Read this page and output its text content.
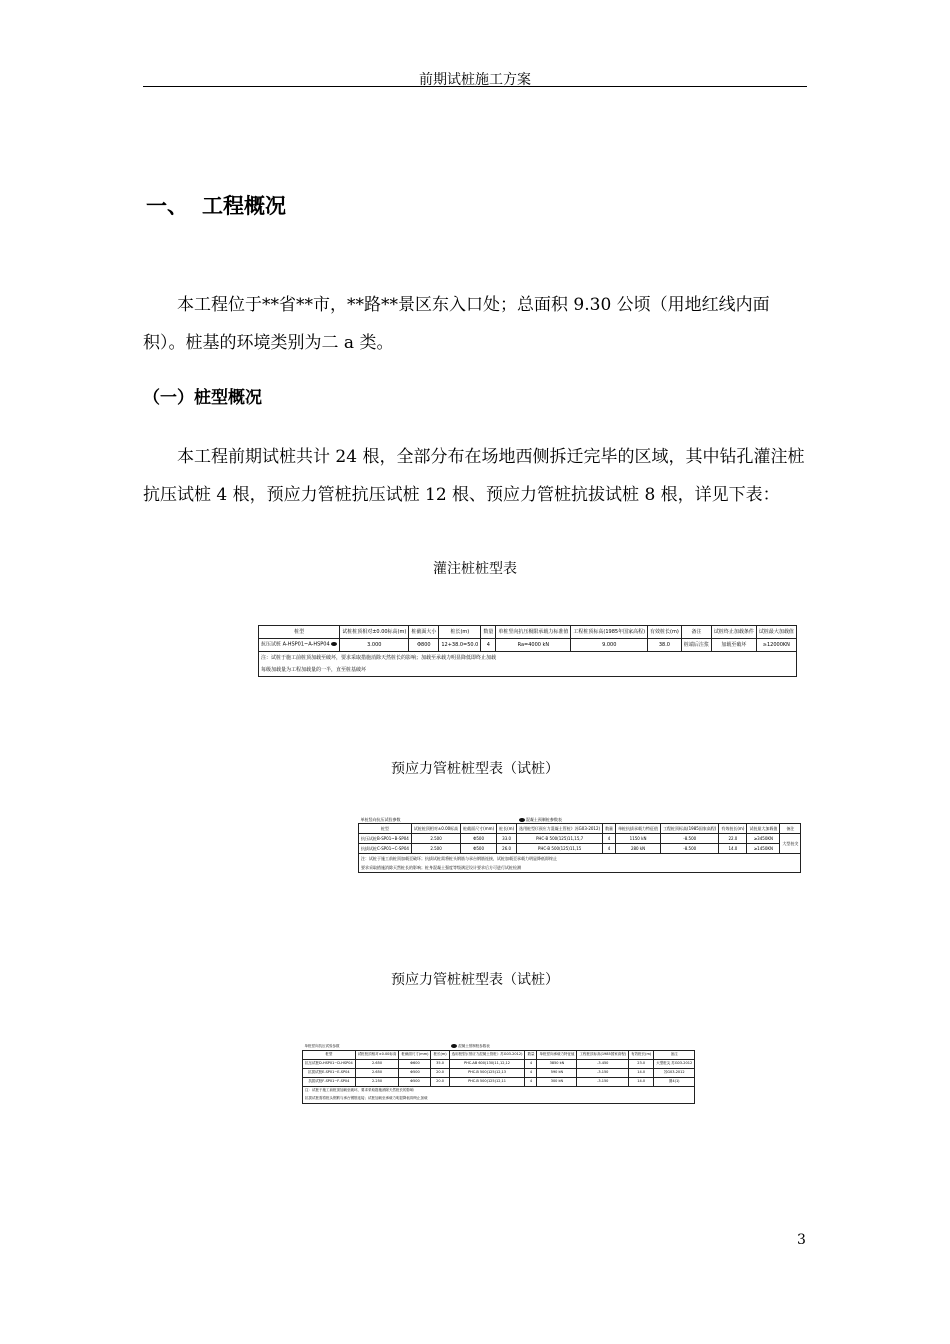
前期试桩施工方案
一、 工程概况
本工程位于**省**市，**路**景区东入口处；总面积 9.30 公顷（用地红线内面积）。桩基的环境类别为二 a 类。
（一）桩型概况
本工程前期试桩共计 24 根，全部分布在场地西侧拆迁完毕的区域，其中钻孔灌注桩抗压试桩 4 根，预应力管桩抗压试桩 12 根、预应力管桩抗拔试桩 8 根，详见下表：
灌注桩桩型表
桩型	试桩桩顶相对±0.00标高(m)	桩截面大小	桩长(m)	数量	单桩竖向抗压极限承载力标准值	工程桩顶标高(1985年国家高程)	有效桩长(m)	备注	试桩终止加载条件	试桩最大加载值
抗压试桩 A-HSP01~A-HSP04	3.000	Φ800	12+38.0=50.0	4	Ra=4000 kN	9.000	38.0	桩端后注浆	加载至破坏	≥12000KN
注：试桩于施工前桩顶加载至破坏，要求采取措施消除天然桩长的影响；加载至承载力明显降低即终止加载										
每级加载量为工程加载量的一半，直至桩基破坏										
预应力管桩桩型表（试桩）
单桩竖向抗压试验参数				混凝土预制桩参数表						
桩型	试桩桩顶相对±0.00标高	桩截面尺寸(mm)	桩长(m)	选用桩型(《预应力混凝土管桩》苏G03-2012)	数量	单桩抗拔承载力特征值	工程桩顶标高(1985国家高程)	有效桩长(m)	试桩最大加载值	备注
抗压试桩B-SP01~B-SP04	2.500	Φ500	33.0	PHC-B 500(125)11,15,7	4	1150 kN	-8.500	22.0	≥3450KN	大型桩尖
抗拔试桩C-SP01~C-SP04	2.500	Φ500	26.0	PHC-B 500(125)11,15	4	280 kN	-8.500	14.0	≥1450KN	
注：试桩于施工前桩顶加载至破坏；抗拔试桩需将桩头钢筋与承台钢筋连接，试桩加载至承载力明显降低即终止										
要求采取措施消除天然桩长的影响；桩身混凝土强度等级满足设计要求后方可进行试桩检测										
预应力管桩桩型表（试桩）
单桩竖向抗压试验参数				混凝土预制桩参数表					
桩型	试桩桩顶相对±0.00标高	桩截面尺寸(mm)	桩长(m)	选用桩型(《预应力混凝土管桩》苏G03-2012)	数量	单桩竖向承载力特征值	工程桩顶标高(1985国家高程)	有效桩长(m)	备注
抗压试桩D-HSP01~D-HSP04	2.650	Φ600	35.0	PHC-AB 600(130)11,12,12	4	3850 kN	-3.450	23.0	大型桩尖 苏G03-2012
抗拔试桩E-SP01~E-SP04	2.650	Φ500	20.0	PHC-B 500(125)12,13	4	590 kN	-3.150	14.0	苏G03-2012
抗拔试桩F-SP01~F-SP04	2.250	Φ500	20.0	PHC-B 500(125)12,11	4	300 kN	-3.150	14.0	图4(1)
注：试桩于施工前桩顶加载至破坏，要求采取措施消除天然桩长的影响									
抗拔试桩需将桩头钢筋与承台钢筋连接；试桩加载至承载力明显降低即终止加载									
3
